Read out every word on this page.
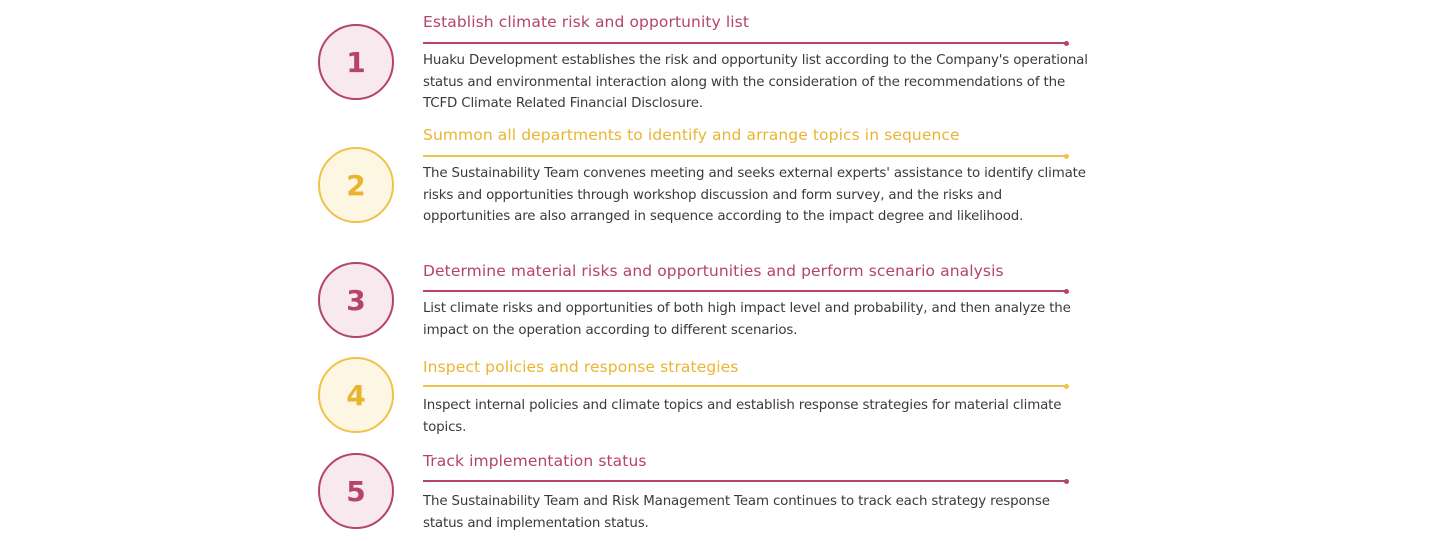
1
Establish climate risk and opportunity list
Huaku Development establishes the risk and opportunity list according to the Company's operational status and environmental interaction along with the consideration of the recommendations of the TCFD Climate Related Financial Disclosure.
2
Summon all departments to identify and arrange topics in sequence
The Sustainability Team convenes meeting and seeks external experts' assistance to identify climate risks and opportunities through workshop discussion and form survey, and the risks and opportunities are also arranged in sequence according to the impact degree and likelihood.
3
Determine material risks and opportunities and perform scenario analysis
List climate risks and opportunities of both high impact level and probability, and then analyze the impact on the operation according to different scenarios.
4
Inspect policies and response strategies
Inspect internal policies and climate topics and establish response strategies for material climate topics.
5
Track implementation status
The Sustainability Team and Risk Management Team continues to track each strategy response status and implementation status.
